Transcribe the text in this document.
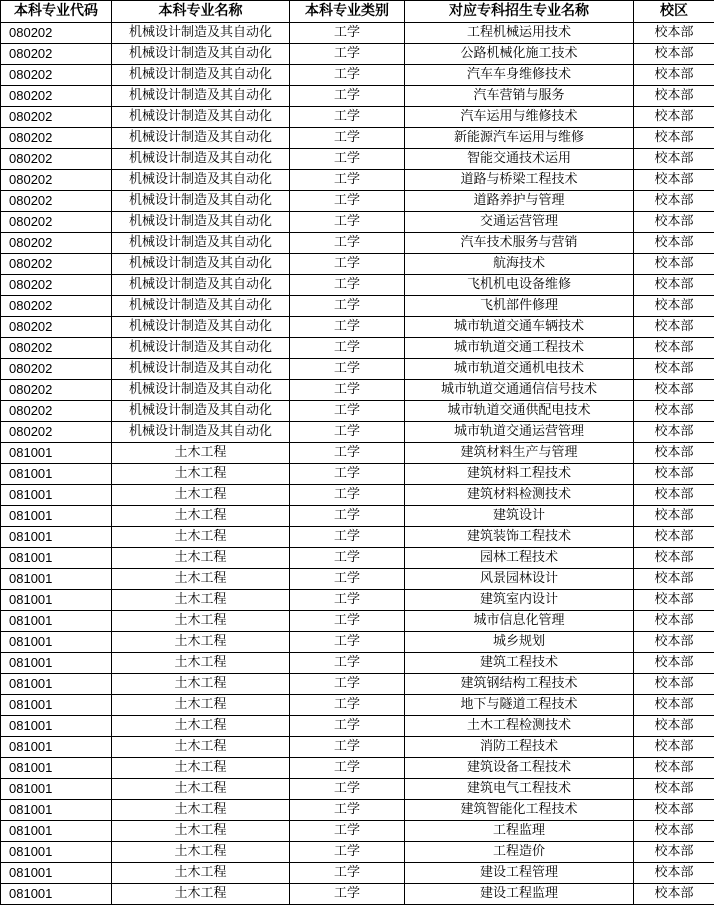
本科专业代码	本科专业名称	本科专业类别	对应专科招生专业名称	校区
080202	机械设计制造及其自动化	工学	工程机械运用技术	校本部
080202	机械设计制造及其自动化	工学	公路机械化施工技术	校本部
080202	机械设计制造及其自动化	工学	汽车车身维修技术	校本部
080202	机械设计制造及其自动化	工学	汽车营销与服务	校本部
080202	机械设计制造及其自动化	工学	汽车运用与维修技术	校本部
080202	机械设计制造及其自动化	工学	新能源汽车运用与维修	校本部
080202	机械设计制造及其自动化	工学	智能交通技术运用	校本部
080202	机械设计制造及其自动化	工学	道路与桥梁工程技术	校本部
080202	机械设计制造及其自动化	工学	道路养护与管理	校本部
080202	机械设计制造及其自动化	工学	交通运营管理	校本部
080202	机械设计制造及其自动化	工学	汽车技术服务与营销	校本部
080202	机械设计制造及其自动化	工学	航海技术	校本部
080202	机械设计制造及其自动化	工学	飞机机电设备维修	校本部
080202	机械设计制造及其自动化	工学	飞机部件修理	校本部
080202	机械设计制造及其自动化	工学	城市轨道交通车辆技术	校本部
080202	机械设计制造及其自动化	工学	城市轨道交通工程技术	校本部
080202	机械设计制造及其自动化	工学	城市轨道交通机电技术	校本部
080202	机械设计制造及其自动化	工学	城市轨道交通通信信号技术	校本部
080202	机械设计制造及其自动化	工学	城市轨道交通供配电技术	校本部
080202	机械设计制造及其自动化	工学	城市轨道交通运营管理	校本部
081001	土木工程	工学	建筑材料生产与管理	校本部
081001	土木工程	工学	建筑材料工程技术	校本部
081001	土木工程	工学	建筑材料检测技术	校本部
081001	土木工程	工学	建筑设计	校本部
081001	土木工程	工学	建筑装饰工程技术	校本部
081001	土木工程	工学	园林工程技术	校本部
081001	土木工程	工学	风景园林设计	校本部
081001	土木工程	工学	建筑室内设计	校本部
081001	土木工程	工学	城市信息化管理	校本部
081001	土木工程	工学	城乡规划	校本部
081001	土木工程	工学	建筑工程技术	校本部
081001	土木工程	工学	建筑钢结构工程技术	校本部
081001	土木工程	工学	地下与隧道工程技术	校本部
081001	土木工程	工学	土木工程检测技术	校本部
081001	土木工程	工学	消防工程技术	校本部
081001	土木工程	工学	建筑设备工程技术	校本部
081001	土木工程	工学	建筑电气工程技术	校本部
081001	土木工程	工学	建筑智能化工程技术	校本部
081001	土木工程	工学	工程监理	校本部
081001	土木工程	工学	工程造价	校本部
081001	土木工程	工学	建设工程管理	校本部
081001	土木工程	工学	建设工程监理	校本部
